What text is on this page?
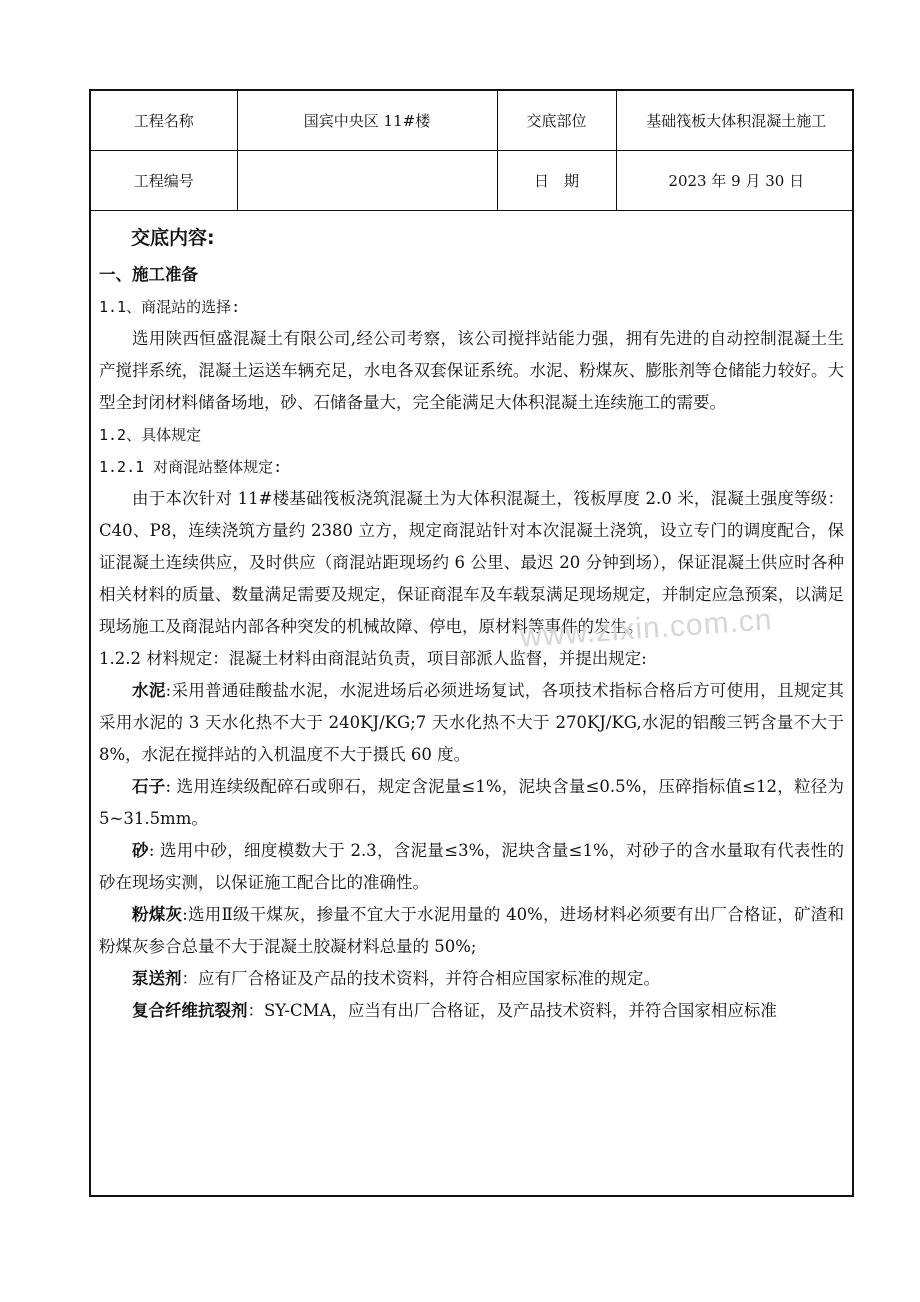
工程名称	国宾中央区 11#楼	交底部位	基础筏板大体积混凝土施工
工程编号		日　期	2023 年 9 月 30 日

交底内容:

一、施工准备

1.1、商混站的选择:

选用陕西恒盛混凝土有限公司,经公司考察，该公司搅拌站能力强，拥有先进的自动控制混凝土生产搅拌系统，混凝土运送车辆充足，水电各双套保证系统。水泥、粉煤灰、膨胀剂等仓储能力较好。大型全封闭材料储备场地，砂、石储备量大，完全能满足大体积混凝土连续施工的需要。

1.2、具体规定

1.2.1 对商混站整体规定:

由于本次针对 11#楼基础筏板浇筑混凝土为大体积混凝土，筏板厚度 2.0 米，混凝土强度等级：C40、P8，连续浇筑方量约 2380 立方，规定商混站针对本次混凝土浇筑，设立专门的调度配合，保证混凝土连续供应，及时供应（商混站距现场约 6 公里、最迟 20 分钟到场），保证混凝土供应时各种相关材料的质量、数量满足需要及规定，保证商混车及车载泵满足现场规定，并制定应急预案，以满足现场施工及商混站内部各种突发的机械故障、停电，原材料等事件的发生。

1.2.2 材料规定：混凝土材料由商混站负责，项目部派人监督，并提出规定:

水泥:采用普通硅酸盐水泥，水泥进场后必须进场复试，各项技术指标合格后方可使用，且规定其采用水泥的 3 天水化热不大于 240KJ/KG;7 天水化热不大于 270KJ/KG,水泥的铝酸三钙含量不大于 8%，水泥在搅拌站的入机温度不大于摄氏 60 度。

石子: 选用连续级配碎石或卵石，规定含泥量≤1%，泥块含量≤0.5%，压碎指标值≤12，粒径为 5~31.5mm。

砂: 选用中砂，细度模数大于 2.3，含泥量≤3%，泥块含量≤1%，对砂子的含水量取有代表性的砂在现场实测，以保证施工配合比的准确性。

粉煤灰:选用Ⅱ级干煤灰，掺量不宜大于水泥用量的 40%，进场材料必须要有出厂合格证，矿渣和粉煤灰参合总量不大于混凝土胶凝材料总量的 50%;

泵送剂：应有厂合格证及产品的技术资料，并符合相应国家标准的规定。

复合纤维抗裂剂：SY-CMA，应当有出厂合格证，及产品技术资料，并符合国家相应标准

www.zixin.com.cn
